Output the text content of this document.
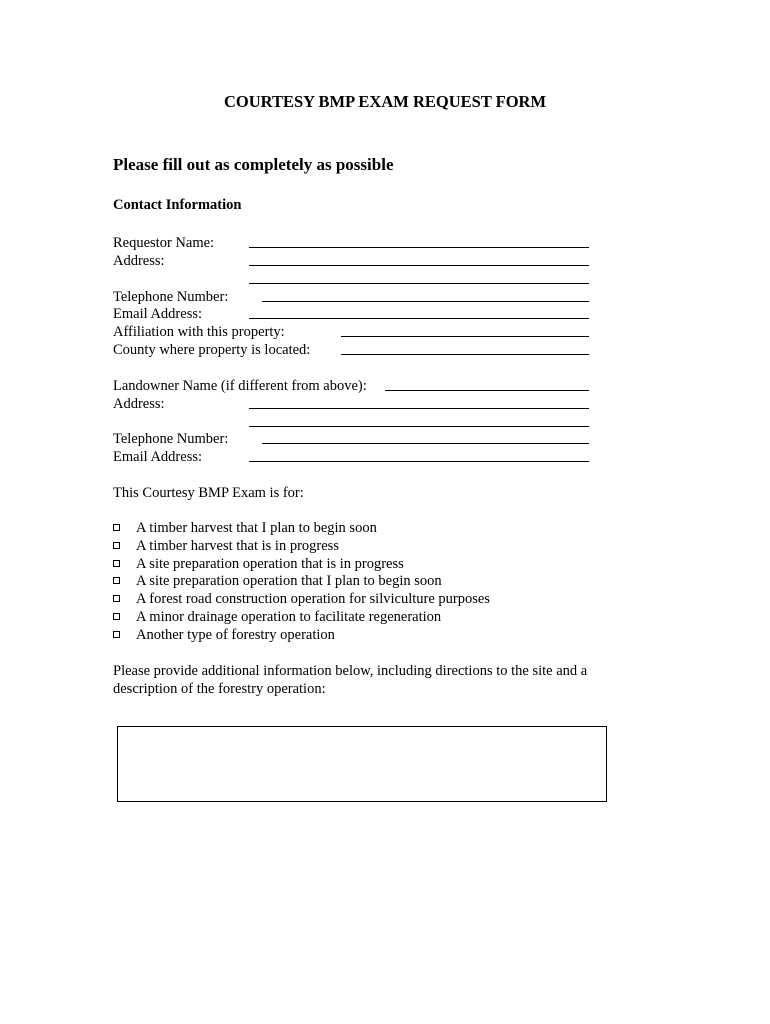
COURTESY BMP EXAM REQUEST FORM
Please fill out as completely as possible
Contact Information
Requestor Name:
Address:
Telephone Number:
Email Address:
Affiliation with this property:
County where property is located:
Landowner Name (if different from above):
Address:
Telephone Number:
Email Address:
This Courtesy BMP Exam is for:
A timber harvest that I plan to begin soon
A timber harvest that is in progress
A site preparation operation that is in progress
A site preparation operation that I plan to begin soon
A forest road construction operation for silviculture purposes
A minor drainage operation to facilitate regeneration
Another type of forestry operation
Please provide additional information below, including directions to the site and a
description of the forestry operation:
